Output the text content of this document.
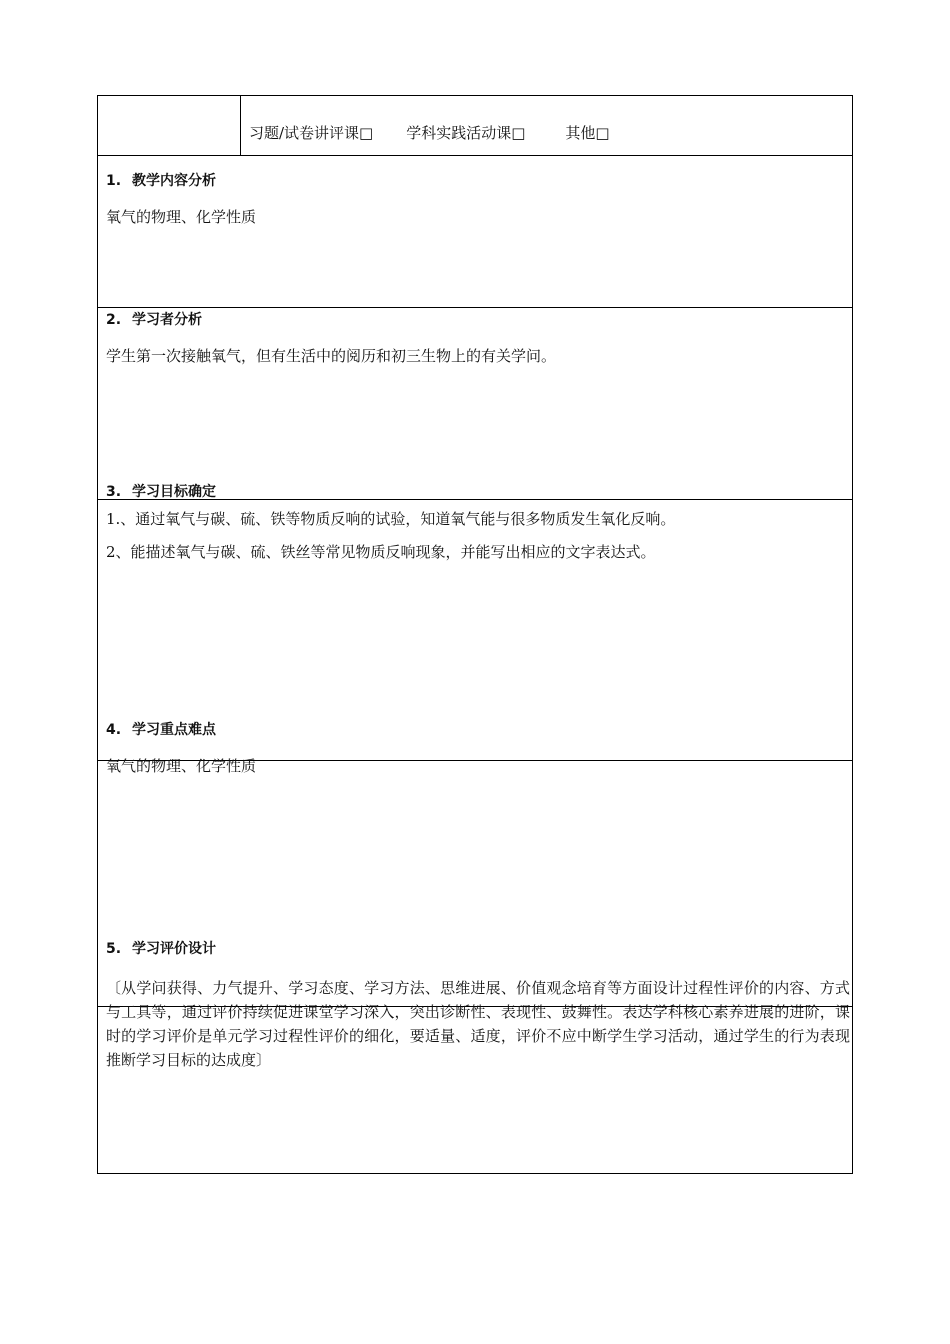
习题/试卷讲评课□ 学科实践活动课□	其他□
1. 教学内容分析
氧气的物理、化学性质
2. 学习者分析
学生第一次接触氧气，但有生活中的阅历和初三生物上的有关学问。
3. 学习目标确定
1.、通过氧气与碳、硫、铁等物质反响的试验，知道氧气能与很多物质发生氧化反响。
2、能描述氧气与碳、硫、铁丝等常见物质反响现象，并能写出相应的文字表达式。
4. 学习重点难点
氧气的物理、化学性质
5. 学习评价设计
〔从学问获得、力气提升、学习态度、学习方法、思维进展、价值观念培育等方面设计过程性评价的内容、方式与工具等，通过评价持续促进课堂学习深入，突出诊断性、表现性、鼓舞性。表达学科核心素养进展的进阶，课时的学习评价是单元学习过程性评价的细化，要适量、适度，评价不应中断学生学习活动，通过学生的行为表现推断学习目标的达成度〕
